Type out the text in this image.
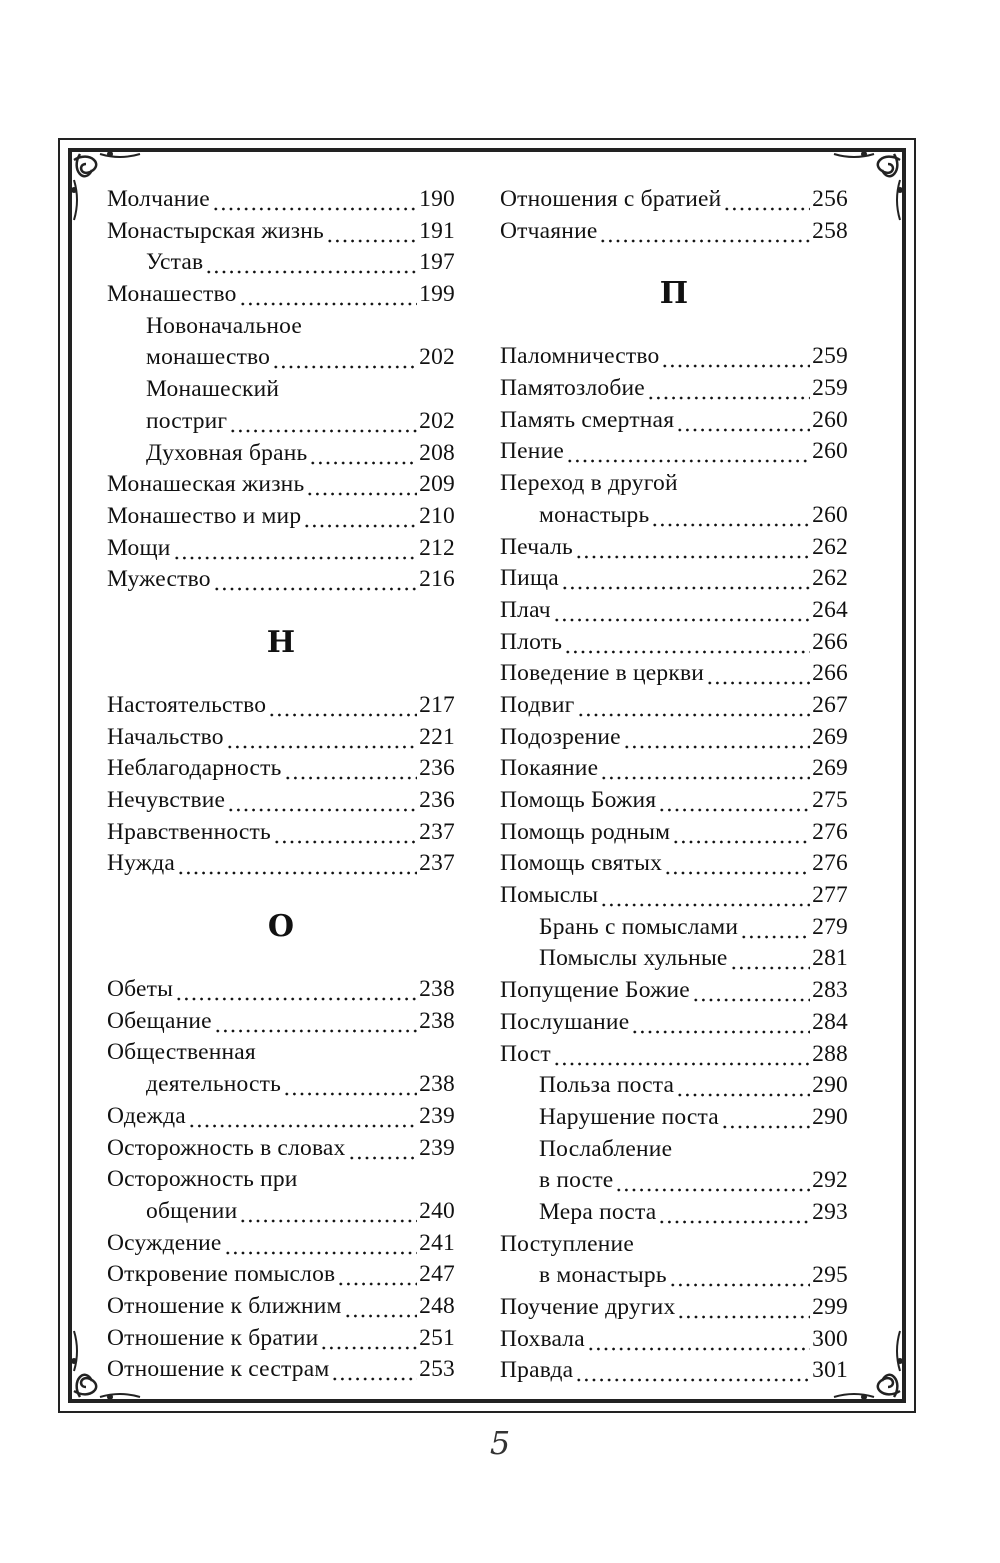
Молчание	190
Монастырская жизнь	191
Устав	197
Монашество	199
Новоначальное
монашество	202
Монашеский
постриг	202
Духовная брань	208
Монашеская жизнь	209
Монашество и мир	210
Мощи	212
Мужество	216
Н
Настоятельство	217
Начальство	221
Неблагодарность	236
Нечувствие	236
Нравственность	237
Нужда	237
О
Обеты	238
Обещание	238
Общественная
деятельность	238
Одежда	239
Осторожность в словах	239
Осторожность при
общении	240
Осуждение	241
Откровение помыслов	247
Отношение к ближним	248
Отношение к братии	251
Отношение к сестрам	253
Отношения с братией	256
Отчаяние	258
П
Паломничество	259
Памятозлобие	259
Память смертная	260
Пение	260
Переход в другой
монастырь	260
Печаль	262
Пища	262
Плач	264
Плоть	266
Поведение в церкви	266
Подвиг	267
Подозрение	269
Покаяние	269
Помощь Божия	275
Помощь родным	276
Помощь святых	276
Помыслы	277
Брань с помыслами	279
Помыслы хульные	281
Попущение Божие	283
Послушание	284
Пост	288
Польза поста	290
Нарушение поста	290
Послабление
в посте	292
Мера поста	293
Поступление
в монастырь	295
Поучение других	299
Похвала	300
Правда	301
5
